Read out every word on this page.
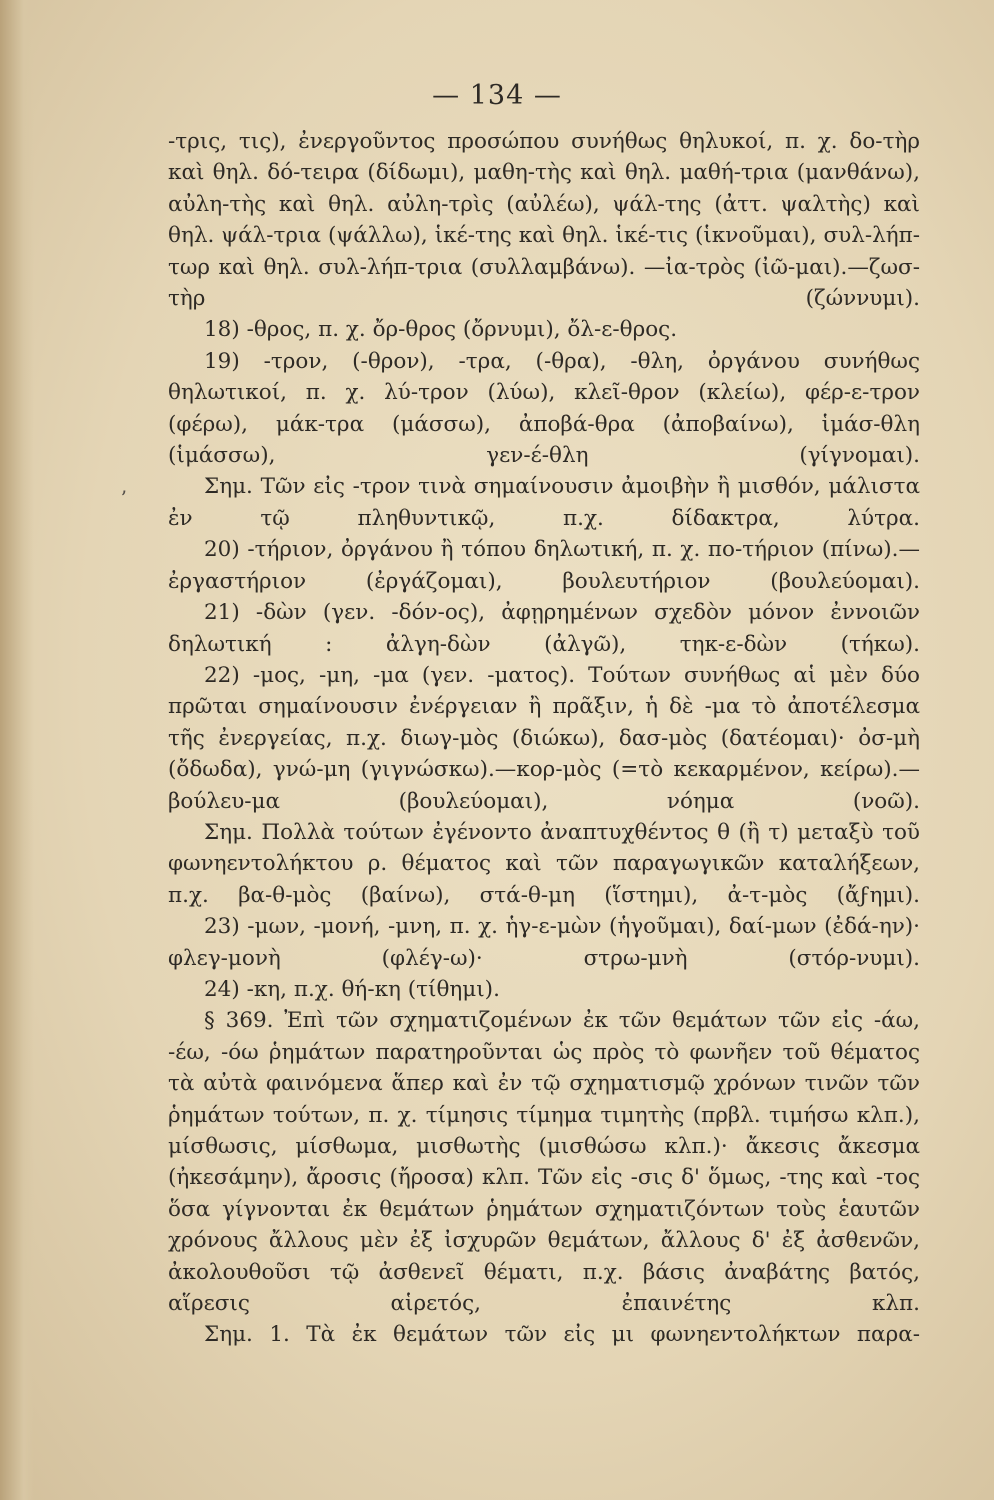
— 134 —
ʼ

-τρις, τις), ἐνεργοῦντος προσώπου συνήθως θηλυκοί, π. χ. δο-τὴρ καὶ θηλ. δό-τειρα (δίδωμι), μαθη-τὴς καὶ θηλ. μαθή-τρια (μανθάνω), αὐλη-τὴς καὶ θηλ. αὐλη-τρὶς (αὐλέω), ψάλ-της (ἀττ. ψαλτὴς) καὶ θηλ. ψάλ-τρια (ψάλλω), ἱκέ-της καὶ θηλ. ἱκέ-τις (ἱκνοῦμαι), συλ-λήπ-τωρ καὶ θηλ. συλ-λήπ-τρια (συλλαμβάνω). —ἰα-τρὸς (ἰῶ-μαι).—ζωσ-τὴρ (ζώννυμι).

18) -θρος, π. χ. ὄρ-θρος (ὄρνυμι), ὄλ-ε-θρος.

19) -τρον, (-θρον), -τρα, (-θρα), -θλη, ὀργάνου συνήθως θηλωτικοί, π. χ. λύ-τρον (λύω), κλεῖ-θρον (κλείω), φέρ-ε-τρον (φέρω), μάκ-τρα (μάσσω), ἀποβά-θρα (ἀποβαίνω), ἱμάσ-θλη (ἱμάσσω), γεν-έ-θλη (γίγνομαι).

Σημ. Τῶν εἰς -τρον τινὰ σημαίνουσιν ἀμοιβὴν ἢ μισθόν, μάλιστα ἐν τῷ πληθυντικῷ, π.χ. δίδακτρα, λύτρα.

20) -τήριον, ὀργάνου ἢ τόπου δηλωτική, π. χ. πο-τήριον (πίνω).—ἐργαστήριον (ἐργάζομαι), βουλευτήριον (βουλεύομαι).

21) -δὼν (γεν. -δόν-ος), ἀφῃρημένων σχεδὸν μόνον ἐννοιῶν δηλωτική : ἀλγη-δὼν (ἀλγῶ), τηκ-ε-δὼν (τήκω).

22) -μος, -μη, -μα (γεν. -ματος). Τούτων συνήθως αἱ μὲν δύο πρῶται σημαίνουσιν ἐνέργειαν ἢ πρᾶξιν, ἡ δὲ -μα τὸ ἀποτέλεσμα τῆς ἐνεργείας, π.χ. διωγ-μὸς (διώκω), δασ-μὸς (δατέομαι)· ὀσ-μὴ (ὄδωδα), γνώ-μη (γιγνώσκω).—κορ-μὸς (=τὸ κεκαρμένον, κείρω).—βούλευ-μα (βουλεύομαι), νόημα (νοῶ).

Σημ. Πολλὰ τούτων ἐγένοντο ἀναπτυχθέντος θ (ἢ τ) μεταξὺ τοῦ φωνηεντολήκτου ρ. θέματος καὶ τῶν παραγωγικῶν καταλήξεων, π.χ. βα-θ-μὸς (βαίνω), στά-θ-μη (ἵστημι), ἀ-τ-μὸς (ἄϝημι).

23) -μων, -μονή, -μνη, π. χ. ἡγ-ε-μὼν (ἡγοῦμαι), δαί-μων (ἐδά-ην)· φλεγ-μονὴ (φλέγ-ω)· στρω-μνὴ (στόρ-νυμι).

24) -κη, π.χ. θή-κη (τίθημι).

§ 369. Ἐπὶ τῶν σχηματιζομένων ἐκ τῶν θεμάτων τῶν εἰς -άω, -έω, -όω ῥημάτων παρατηροῦνται ὡς πρὸς τὸ φωνῆεν τοῦ θέματος τὰ αὐτὰ φαινόμενα ἅπερ καὶ ἐν τῷ σχηματισμῷ χρόνων τινῶν τῶν ῥημάτων τούτων, π. χ. τίμησις τίμημα τιμητὴς (πρβλ. τιμήσω κλπ.), μίσθωσις, μίσθωμα, μισθωτὴς (μισθώσω κλπ.)· ἄκεσις ἄκεσμα (ἠκεσάμην), ἄροσις (ἤροσα) κλπ. Τῶν εἰς -σις δ' ὅμως, -της καὶ -τος ὅσα γίγνονται ἐκ θεμάτων ῥημάτων σχηματιζόντων τοὺς ἑαυτῶν χρόνους ἄλλους μὲν ἐξ ἰσχυρῶν θεμάτων, ἄλλους δ' ἐξ ἀσθενῶν, ἀκολουθοῦσι τῷ ἀσθενεῖ θέματι, π.χ. βάσις ἀναβάτης βατός, αἵρεσις αἱρετός, ἐπαινέτης κλπ.

Σημ. 1. Τὰ ἐκ θεμάτων τῶν εἰς μι φωνηεντολήκτων παρα-
